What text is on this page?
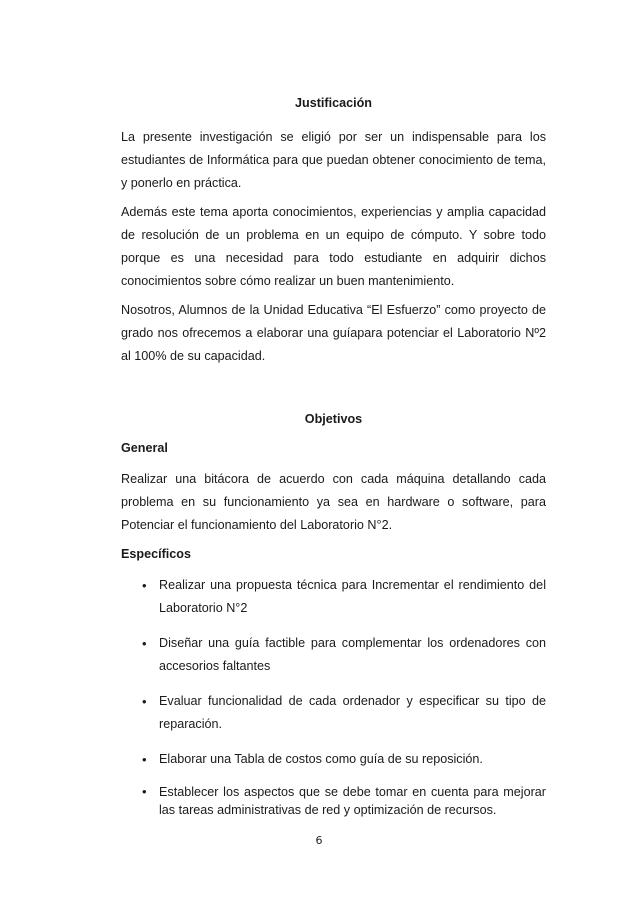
Justificación

La presente investigación se eligió por ser un indispensable para los estudiantes de Informática para que puedan obtener conocimiento de tema, y ponerlo en práctica.

Además este tema aporta conocimientos, experiencias y amplia capacidad de resolución de un problema en un equipo de cómputo. Y sobre todo porque es una necesidad para todo estudiante en adquirir dichos conocimientos sobre cómo realizar un buen mantenimiento.

Nosotros, Alumnos de la Unidad Educativa “El Esfuerzo” como proyecto de grado nos ofrecemos a elaborar una guíapara potenciar el Laboratorio Nº2 al 100% de su capacidad.

Objetivos

General

Realizar una bitácora de acuerdo con cada máquina detallando cada problema en su funcionamiento ya sea en hardware o software, para Potenciar el funcionamiento del Laboratorio N°2.

Específicos

• Realizar una propuesta técnica para Incrementar el rendimiento del Laboratorio N°2
• Diseñar una guía factible para complementar los ordenadores con accesorios faltantes
• Evaluar funcionalidad de cada ordenador y especificar su tipo de reparación.
• Elaborar una Tabla de costos como guía de su reposición.
• Establecer los aspectos que se debe tomar en cuenta para mejorar las tareas administrativas de red y optimización de recursos.
6
